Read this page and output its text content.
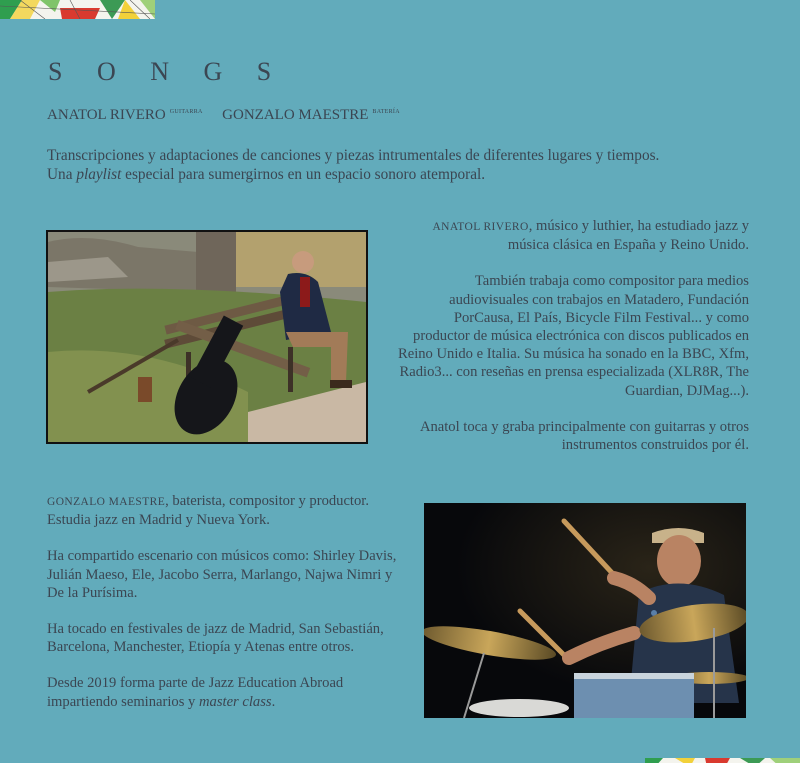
S O N G S
ANATOL RIVERO $^{GUITARRA}$ GONZALO MAESTRE $^{BATERÍA}$
Transcripciones y adaptaciones de canciones y piezas intrumentales de diferentes lugares y tiempos.
Una playlist especial para sumergirnos en un espacio sonoro atemporal.

ANATOL RIVERO, músico y luthier, ha estudiado jazz y música clásica en España y Reino Unido.

También trabaja como compositor para medios audiovisuales con trabajos en Matadero, Fundación PorCausa, El País, Bicycle Film Festival... y como productor de música electrónica con discos publicados en Reino Unido e Italia. Su música ha sonado en la BBC, Xfm, Radio3... con reseñas en prensa especializada (XLR8R, The Guardian, DJMag...).

Anatol toca y graba principalmente con guitarras y otros instrumentos construidos por él.

GONZALO MAESTRE, baterista, compositor y productor. Estudia jazz en Madrid y Nueva York.

Ha compartido escenario con músicos como: Shirley Davis, Julián Maeso, Ele, Jacobo Serra, Marlango, Najwa Nimri y De la Purísima.

Ha tocado en festivales de jazz de Madrid, San Sebastián, Barcelona, Manchester, Etiopía y Atenas entre otros.

Desde 2019 forma parte de Jazz Education Abroad impartiendo seminarios y master class.
